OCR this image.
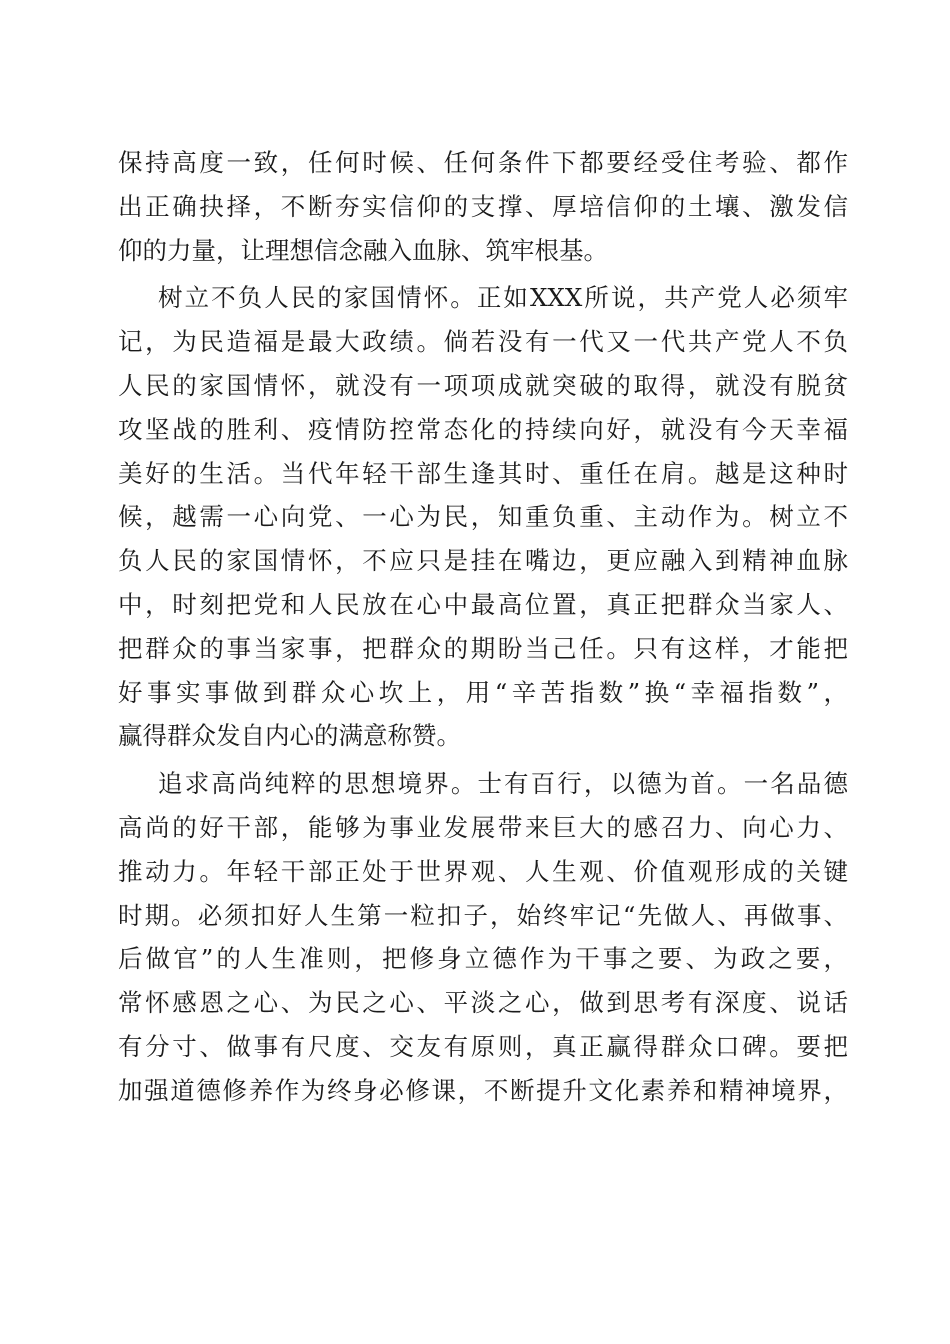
保持高度一致，任何时候、任何条件下都要经受住考验、都作
出正确抉择，不断夯实信仰的支撑、厚培信仰的土壤、激发信
仰的力量，让理想信念融入血脉、筑牢根基。
树立不负人民的家国情怀。正如XXX所说，共产党人必须牢
记，为民造福是最大政绩。倘若没有一代又一代共产党人不负
人民的家国情怀，就没有一项项成就突破的取得，就没有脱贫
攻坚战的胜利、疫情防控常态化的持续向好，就没有今天幸福
美好的生活。当代年轻干部生逢其时、重任在肩。越是这种时
候，越需一心向党、一心为民，知重负重、主动作为。树立不
负人民的家国情怀，不应只是挂在嘴边，更应融入到精神血脉
中，时刻把党和人民放在心中最高位置，真正把群众当家人、
把群众的事当家事，把群众的期盼当己任。只有这样，才能把
好事实事做到群众心坎上，用“辛苦指数”换“幸福指数”，
赢得群众发自内心的满意称赞。
追求高尚纯粹的思想境界。士有百行，以德为首。一名品德
高尚的好干部，能够为事业发展带来巨大的感召力、向心力、
推动力。年轻干部正处于世界观、人生观、价值观形成的关键
时期。必须扣好人生第一粒扣子，始终牢记“先做人、再做事、
后做官”的人生准则，把修身立德作为干事之要、为政之要，
常怀感恩之心、为民之心、平淡之心，做到思考有深度、说话
有分寸、做事有尺度、交友有原则，真正赢得群众口碑。要把
加强道德修养作为终身必修课，不断提升文化素养和精神境界，
